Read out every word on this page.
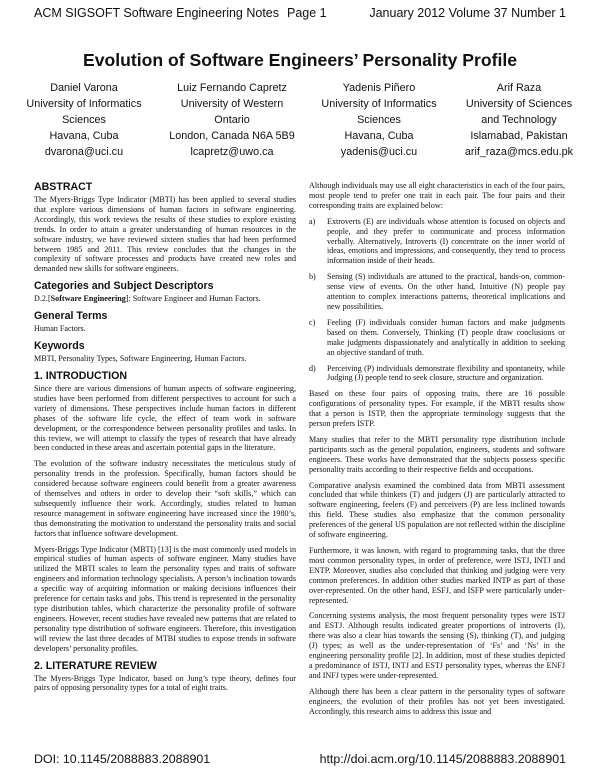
ACM SIGSOFT Software Engineering Notes Page 1	January 2012 Volume 37 Number 1
Evolution of Software Engineers’ Personality Profile
Daniel Varona
University of Informatics
Sciences
Havana, Cuba
dvarona@uci.cu
Luiz Fernando Capretz
University of Western
Ontario
London, Canada N6A 5B9
lcapretz@uwo.ca
Yadenis Piñero
University of Informatics
Sciences
Havana, Cuba
yadenis@uci.cu
Arif Raza
University of Sciences
and Technology
Islamabad, Pakistan
arif_raza@mcs.edu.pk
ABSTRACT

The Myers-Briggs Type Indicator (MBTI) has been applied to several studies that explore various dimensions of human factors in software engineering. Accordingly, this work reviews the results of these studies to explore existing trends. In order to attain a greater understanding of human resources in the software industry, we have reviewed sixteen studies that had been performed between 1985 and 2011. This review concludes that the changes in the complexity of software processes and products have created new roles and demanded new skills for software engineers.

Categories and Subject Descriptors

D.2.[Software Engineering]: Software Engineer and Human Factors.

General Terms

Human Factors.

Keywords

MBTI, Personality Types, Software Engineering, Human Factors.

1. INTRODUCTION

Since there are various dimensions of human aspects of software engineering, studies have been performed from different perspectives to account for such a variety of dimensions. These perspectives include human factors in different phases of the software life cycle, the effect of team work in software development, or the correspondence between personality profiles and tasks. In this review, we will attempt to classify the types of research that have already been conducted in these areas and ascertain potential gaps in the literature.

The evolution of the software industry necessitates the meticulous study of personality trends in the profession. Specifically, human factors should be considered because software engineers could benefit from a greater awareness of themselves and others in order to develop their “soft skills,” which can subsequently influence their work. Accordingly, studies related to human resource management in software engineering have increased since the 1980’s, thus demonstrating the motivation to understand the personality traits and social factors that influence software development.

Myers-Briggs Type Indicator (MBTI) [13] is the most commonly used models in empirical studies of human aspects of software engineer. Many studies have utilized the MBTI scales to learn the personality types and traits of software engineers and information technology specialists. A person’s inclination towards a specific way of acquiring information or making decisions influences their preference for certain tasks and jobs. This trend is represented in the personality type distribution tables, which characterize the personality profile of software engineers. However, recent studies have revealed new patterns that are related to personality type distribution of software engineers. Therefore, this investigation will review the last three decades of MTBI studies to expose trends in software developers’ personality profiles.

2. LITERATURE REVIEW

The Myers-Briggs Type Indicator, based on Jung’s type theory, defines four pairs of opposing personality types for a total of eight traits.

Although individuals may use all eight characteristics in each of the four pairs, most people tend to prefer one trait in each pair. The four pairs and their corresponding traits are explained below:

a) Extroverts (E) are individuals whose attention is focused on objects and people, and they prefer to communicate and process information verbally. Alternatively, Introverts (I) concentrate on the inner world of ideas, emotions and impressions, and consequently, they tend to process information inside of their heads.
b) Sensing (S) individuals are attuned to the practical, hands-on, common-sense view of events. On the other hand, Intuitive (N) people pay attention to complex interactions patterns, theoretical implications and new possibilities.
c) Feeling (F) individuals consider human factors and make judgments based on them. Conversely, Thinking (T) people draw conclusions or make judgments dispassionately and analytically in addition to seeking an objective standard of truth.
d) Perceiving (P) individuals demonstrate flexibility and spontaneity, while Judging (J) people tend to seek closure, structure and organization.

Based on these four pairs of opposing traits, there are 16 possible configurations of personality types. For example, if the MBTI results show that a person is ISTP, then the appropriate terminology suggests that the person prefers ISTP.

Many studies that refer to the MBTI personality type distribution include participants such as the general population, engineers, students and software engineers. These works have demonstrated that the subjects possess specific personality traits according to their respective fields and occupations.

Comparative analysis examined the combined data from MBTI assessment concluded that while thinkers (T) and judgers (J) are particularly attracted to software engineering, feelers (F) and perceivers (P) are less inclined towards this field. These studies also emphasize that the common personality preferences of the general US population are not reflected within the discipline of software engineering.

Furthermore, it was known, with regard to programming tasks, that the three most common personality types, in order of preference, were ISTJ, INTJ and ENTP. Moreover, studies also concluded that thinking and judging were very common preferences. In addition other studies marked INTP as part of those over-represented. On the other hand, ESFJ, and ISFP were particularly under-represented.

Concerning systems analysis, the most frequent personality types were ISTJ and ESTJ. Although results indicated greater proportions of introverts (I), there was also a clear bias towards the sensing (S), thinking (T), and judging (J) types; as well as the under-representation of ‘Fs’ and ‘Ns’ in the engineering personality profile [2]. In addition, most of these studies depicted a predominance of ISTJ, INTJ and ESTJ personality types, whereas the ENFJ and INFJ types were under-represented.

Although there has been a clear pattern in the personality types of software engineers, the evolution of their profiles has not yet been investigated. Accordingly, this research aims to address this issue and

DOI: 10.1145/2088883.2088901	http://doi.acm.org/10.1145/2088883.2088901
